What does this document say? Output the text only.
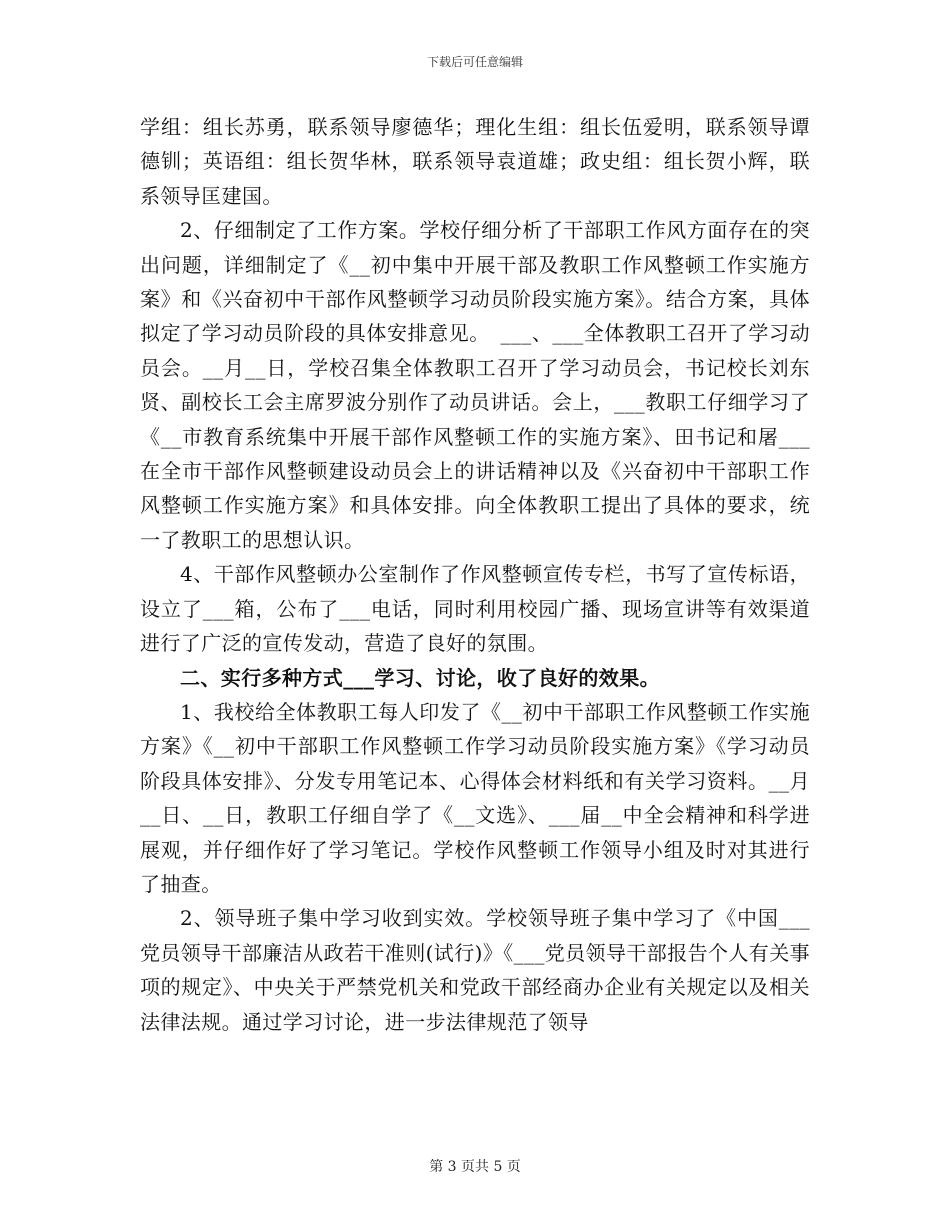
下载后可任意编辑

学组：组长苏勇，联系领导廖德华；理化生组：组长伍爱明，联系领导谭德钏；英语组：组长贺华林，联系领导袁道雄；政史组：组长贺小辉，联系领导匡建国。

2、仔细制定了工作方案。学校仔细分析了干部职工作风方面存在的突出问题，详细制定了《__初中集中开展干部及教职工作风整顿工作实施方案》和《兴奋初中干部作风整顿学习动员阶段实施方案》。结合方案，具体拟定了学习动员阶段的具体安排意见。　___、___全体教职工召开了学习动员会。__月__日，学校召集全体教职工召开了学习动员会，书记校长刘东贤、副校长工会主席罗波分别作了动员讲话。会上，___教职工仔细学习了《__市教育系统集中开展干部作风整顿工作的实施方案》、田书记和屠___在全市干部作风整顿建设动员会上的讲话精神以及《兴奋初中干部职工作风整顿工作实施方案》和具体安排。向全体教职工提出了具体的要求，统一了教职工的思想认识。

4、干部作风整顿办公室制作了作风整顿宣传专栏，书写了宣传标语，设立了___箱，公布了___电话，同时利用校园广播、现场宣讲等有效渠道进行了广泛的宣传发动，营造了良好的氛围。

二、实行多种方式___学习、讨论，收了良好的效果。

1、我校给全体教职工每人印发了《__初中干部职工作风整顿工作实施方案》《__初中干部职工作风整顿工作学习动员阶段实施方案》《学习动员阶段具体安排》、分发专用笔记本、心得体会材料纸和有关学习资料。__月__日、__日，教职工仔细自学了《__文选》、___届__中全会精神和科学进展观，并仔细作好了学习笔记。学校作风整顿工作领导小组及时对其进行了抽查。

2、领导班子集中学习收到实效。学校领导班子集中学习了《中国___党员领导干部廉洁从政若干准则(试行)》《___党员领导干部报告个人有关事项的规定》、中央关于严禁党机关和党政干部经商办企业有关规定以及相关法律法规。通过学习讨论，进一步法律规范了领导

第 3 页共 5 页
